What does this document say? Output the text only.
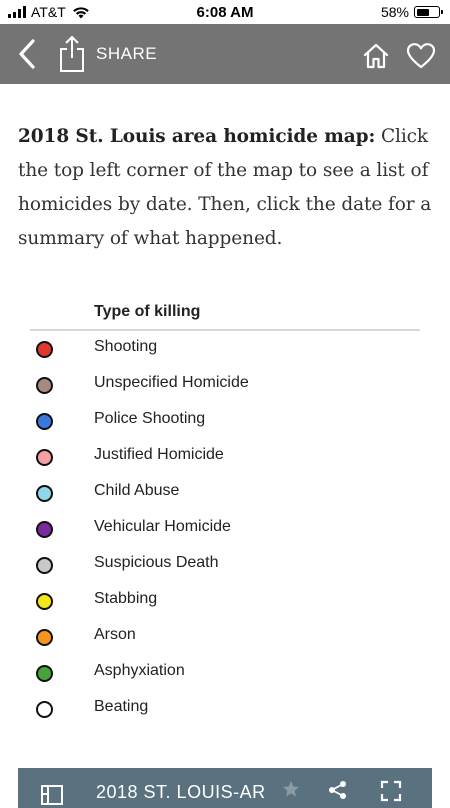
AT&T	6:08 AM	58%
SHARE
2018 St. Louis area homicide map: Click the top left corner of the map to see a list of homicides by date. Then, click the date for a summary of what happened.
Type of killing
Shooting
Unspecified Homicide
Police Shooting
Justified Homicide
Child Abuse
Vehicular Homicide
Suspicious Death
Stabbing
Arson
Asphyxiation
Beating
2018 ST. LOUIS-AR
